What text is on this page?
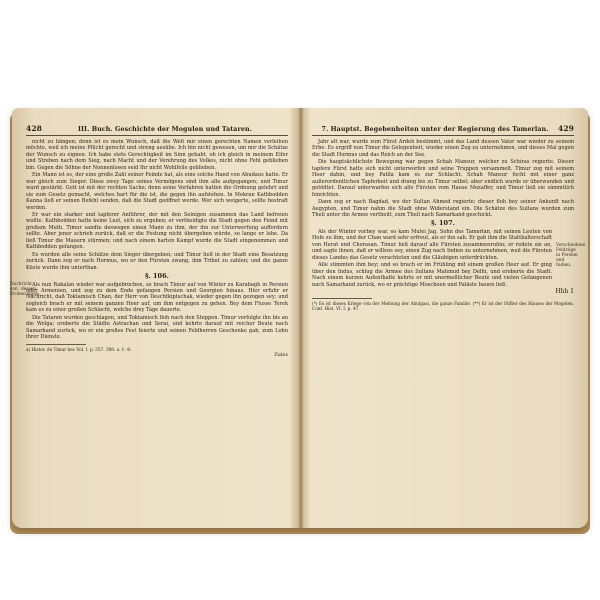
428	III. Buch. Geschichte der Mogulen und Tataren.

nicht zu hängen; denn ist es mein Wunsch, daß die Welt mir einen gerechten Namen verleihen möchte, weil ich meine Pflicht gerecht und streng ausübe. Ich bin nicht gewesen, um mir die Schätze der Wunsch zu eignen. Ich habe stets Gerechtigkeit im Sinn gehabt, ob ich gleich in meinem Eifer und Streben nach dem Sieg, nach Macht und der Verehrung des Volkes, nicht ohne Fehl geblieben bin. Gegen die Söhne der Nonnenlosen seid Ihr nicht Wohlfeile geblieben.

Ein Mann ist es, der eine große Zahl seiner Feinde hat, als eine solche Hand von Abudaus hatte. Er war gleich zum Sieger. Diese zwey Tage seines Vermögens sind ihm alle aufgegangen; und Timur ward gestärkt. Gott ist mit der rechten Sache; denn seine Vorfahren hatten die Ordnung gelehrt und sie zum Gesetz gemacht, welches hart für die ist, die gegen ihn aufstehen. In Mekran Kathbodden Kanna ließ er seinen Befehl senden, daß die Stadt geöffnet werde. Wer sich weigerte, sollte bestraft werden.

Er war ein starker und tapferer Anführer, der mit den Seinigen zusammen das Land befreien wollte. Kathbodden hatte keine Lust, sich zu ergeben; er vertheidigte die Stadt gegen den Feind mit großem Muth. Timur sandte deswegen einen Mann zu ihm, der ihn zur Unterwerfung auffordern sollte. Aber jener schrieb zurück, daß er die Festung nicht übergeben würde, so lange er lebe. Da ließ Timur die Mauern stürmen; und nach einem harten Kampf wurde die Stadt eingenommen und Kathbodden gefangen.

Es wurden alle seine Schätze dem Sieger übergeben; und Timur ließ in der Stadt eine Besatzung zurück. Dann zog er nach Hormus, wo er den Fürsten zwang, ihm Tribut zu zahlen; und die ganze Küste wurde ihm unterthan.

§. 106.
Nachricht von dessen Eroberungen.

Als nun Rakalan wieder war aufgebrochen, so brach Timur auf von Winter zu Karabagh in Persien oder Armenien, und zog zu dem Ende gefangen Persien und Georgien hinaus. Hier erfuhr er Nachricht, daß Toktamisch Chan, der Herr von Deschtkiptschak, wieder gegen ihn gezogen sey; und sogleich brach er mit seinem ganzen Heer auf, um ihm entgegen zu gehen. Bey dem Flusse Terek kam es zu einer großen Schlacht, welche drey Tage dauerte.

Die Tataren wurden geschlagen, und Toktamisch floh nach den Steppen. Timur verfolgte ihn bis an die Wolga; eroberte die Städte Astrachan und Serai, und kehrte darauf mit reicher Beute nach Samarkand zurück, wo er ein großes Fest feierte und seinen Feldherren Geschenke gab, zum Lohn ihrer Dienste.

a) Histor. de Timur bec Vol. I. p. 357. 398. u. f. -9.
Zulez
7. Hauptst. Begebenheiten unter der Regierung des Tamerlan.	429

Jahr alt war, wurde zum Fürst Ardeh bestimmt, und das Land dessen Vater war wieder zu seinem Erbe. Es ergriff nun Timur die Gelegenheit, wieder einen Zug zu unternehmen, und dieses Mal gegen die Stadt Hormus und das Reich an der See.

Die hauptsächlichste Bewegung war gegen Schah Mansur, welcher zu Schiras regierte. Dieser tapfere Fürst hatte sich nicht unterworfen und seine Truppen versammelt. Timur zog mit seinem Heer dahin, und bey Patila kam es zur Schlacht. Schah Mansur focht mit einer ganz außerordentlichen Tapferkeit und drang bis zu Timur selbst; aber endlich wurde er überwunden und getödtet. Darauf unterwarfen sich alle Fürsten vom Hause Mozaffer, und Timur ließ sie sämmtlich hinrichten.

Dann zog er nach Bagdad, wo der Sultan Ahmed regierte; dieser floh bey seiner Ankunft nach Aegypten, und Timur nahm die Stadt ohne Widerstand ein. Die Schätze des Sultans wurden zum Theil unter die Armee vertheilt, zum Theil nach Samarkand geschickt.

§. 107.
Verschiedene Feldzüge in Persien und Indien.

Als der Winter vorbey war, so kam Mulei Jag. Sohn des Tamerlan, mit seinen Leuten von Hofe zu ihm, und der Chan ward sehr erfreut, als er ihn sah. Er gab ihm die Statthalterschaft von Herat und Chorasan. Timur ließ darauf alle Fürsten zusammenrufen; er redete sie an, und sagte ihnen, daß er willens sey, einen Zug nach Indien zu unternehmen, weil die Fürsten dieses Landes das Gesetz verachteten und die Gläubigen unterdrückten.

Alle stimmten ihm bey; und so brach er im Frühling mit einem großen Heer auf. Er ging über den Indus, schlug die Armee des Sultans Mahmud bey Delhi, und eroberte die Stadt. Nach einem kurzen Aufenthalte kehrte er mit unermeßlicher Beute und vielen Gefangenen nach Samarkand zurück, wo er prächtige Moscheen und Paläste bauen ließ.

Hhh 1
(*) Es ist dieses Kriege von der Meinung der Abulgasi, die ganze Familie. (**) Er ist der Stifter des Hauses der Mogolen. Conf. Hist. VI. I. p. 47.
